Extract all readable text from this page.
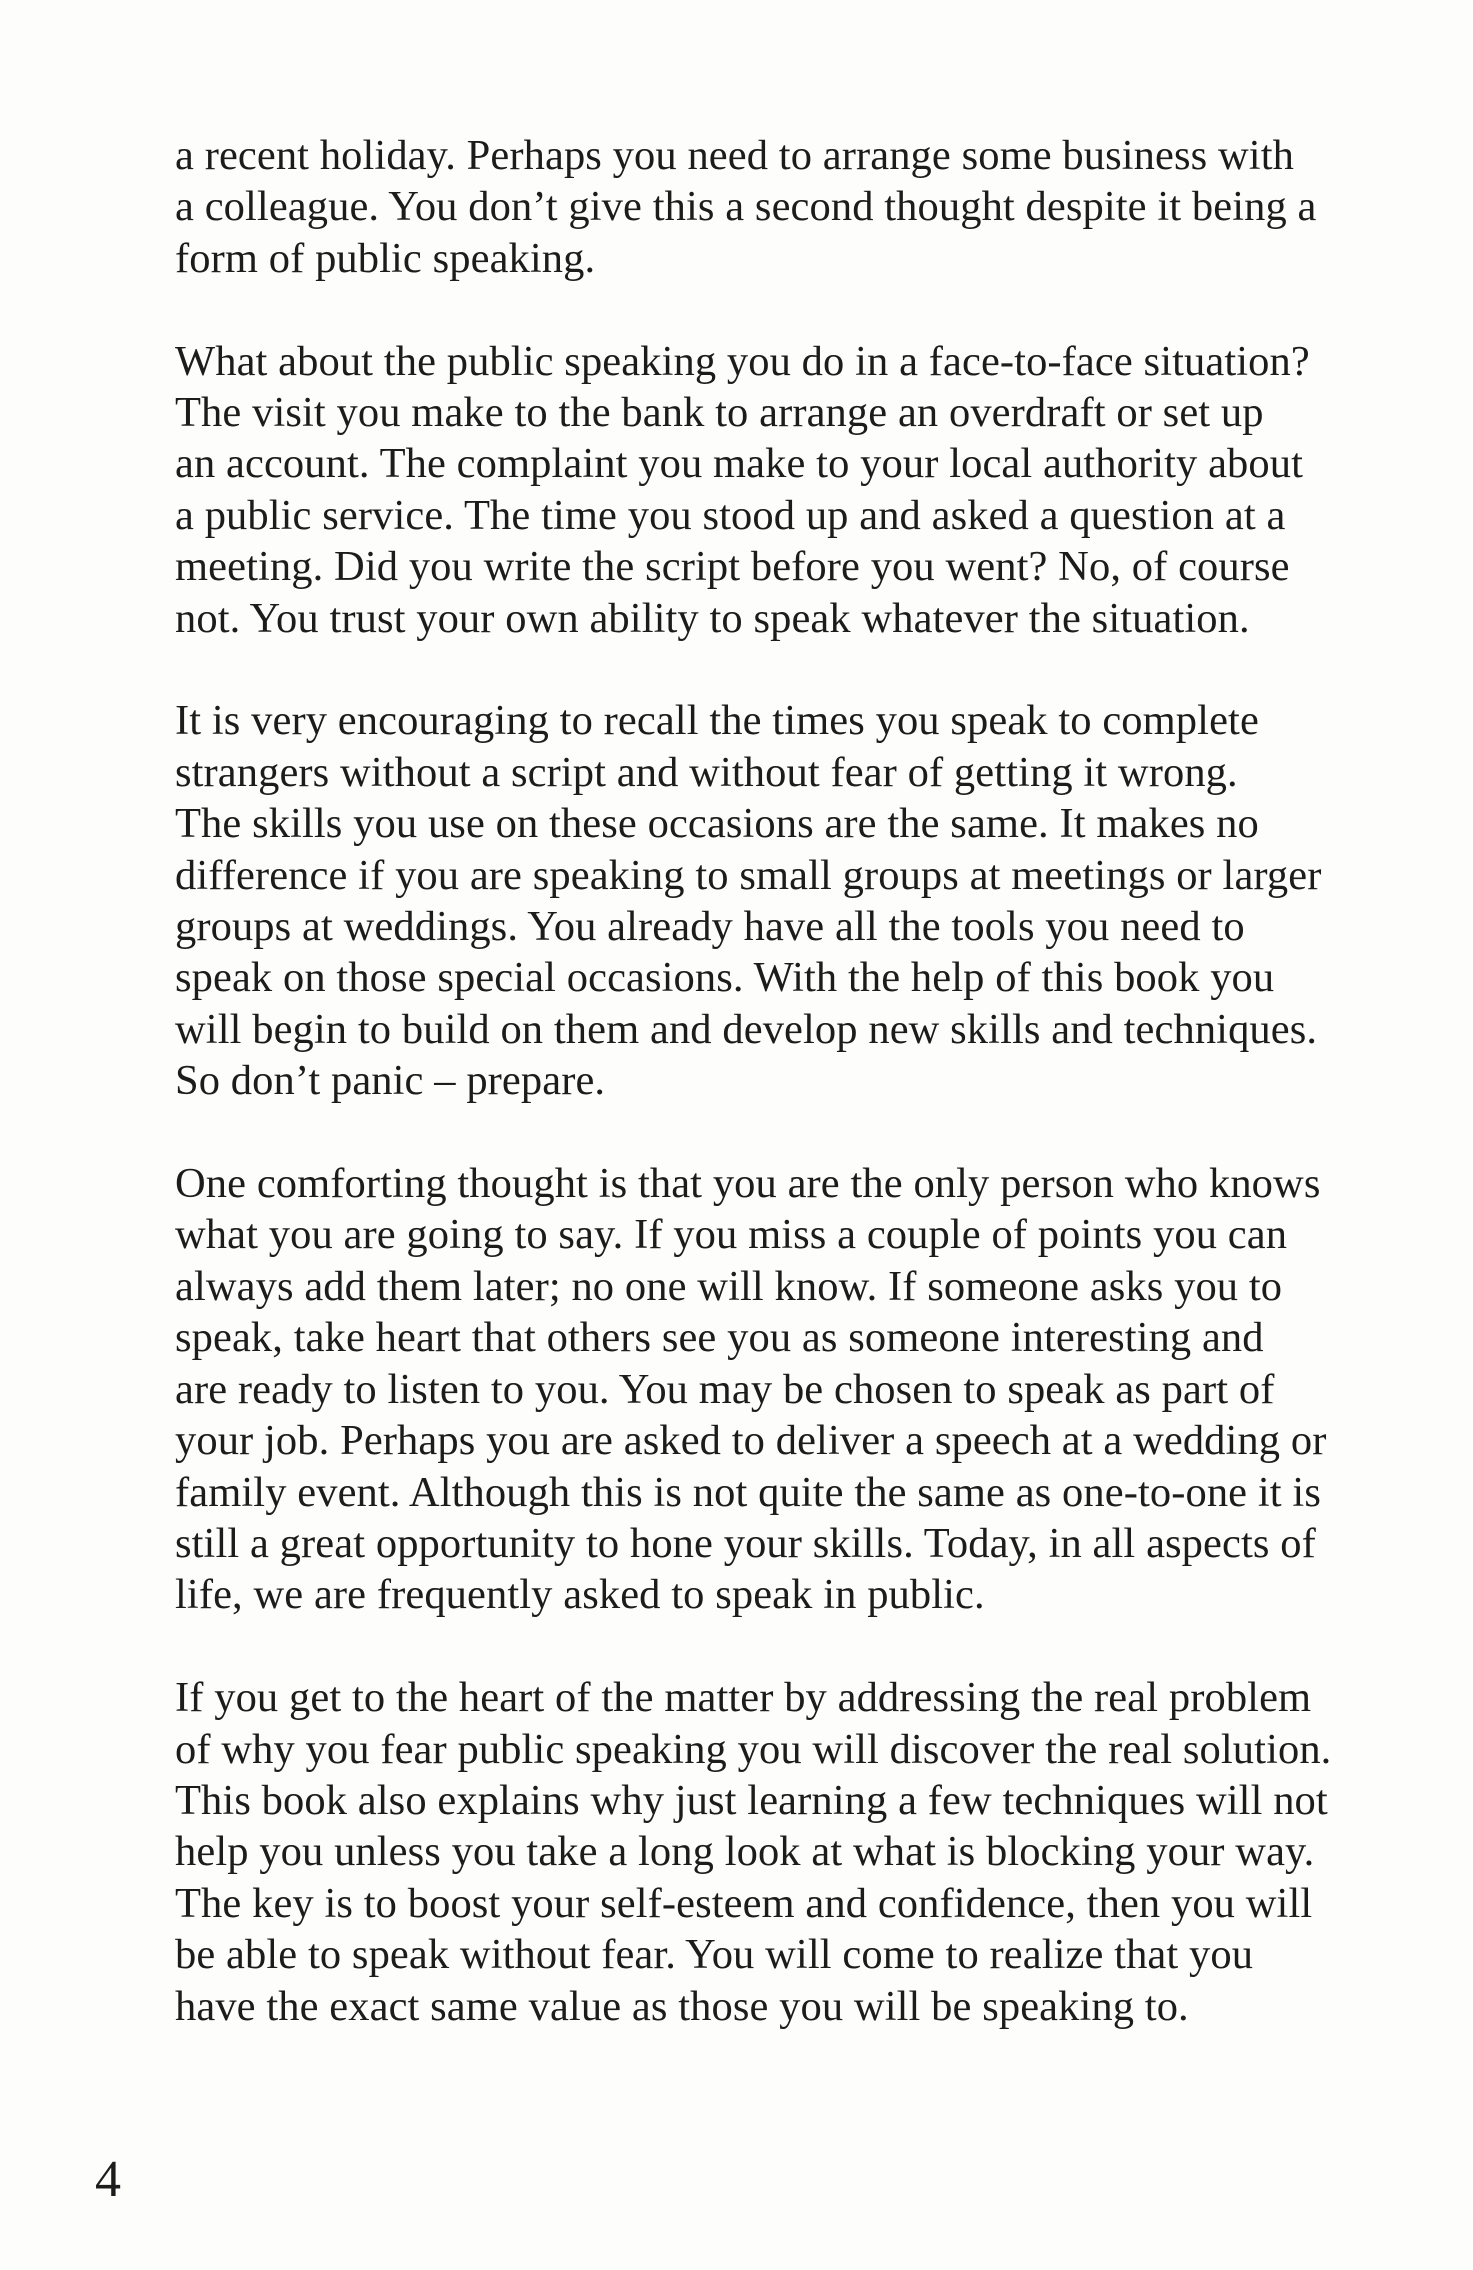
a recent holiday. Perhaps you need to arrange some business with
a colleague. You don’t give this a second thought despite it being a
form of public speaking.

What about the public speaking you do in a face-to-face situation?
The visit you make to the bank to arrange an overdraft or set up
an account. The complaint you make to your local authority about
a public service. The time you stood up and asked a question at a
meeting. Did you write the script before you went? No, of course
not. You trust your own ability to speak whatever the situation.

It is very encouraging to recall the times you speak to complete
strangers without a script and without fear of getting it wrong.
The skills you use on these occasions are the same. It makes no
difference if you are speaking to small groups at meetings or larger
groups at weddings. You already have all the tools you need to
speak on those special occasions. With the help of this book you
will begin to build on them and develop new skills and techniques.
So don’t panic – prepare.

One comforting thought is that you are the only person who knows
what you are going to say. If you miss a couple of points you can
always add them later; no one will know. If someone asks you to
speak, take heart that others see you as someone interesting and
are ready to listen to you. You may be chosen to speak as part of
your job. Perhaps you are asked to deliver a speech at a wedding or
family event. Although this is not quite the same as one-to-one it is
still a great opportunity to hone your skills. Today, in all aspects of
life, we are frequently asked to speak in public.

If you get to the heart of the matter by addressing the real problem
of why you fear public speaking you will discover the real solution.
This book also explains why just learning a few techniques will not
help you unless you take a long look at what is blocking your way.
The key is to boost your self-esteem and confidence, then you will
be able to speak without fear. You will come to realize that you
have the exact same value as those you will be speaking to.

4
